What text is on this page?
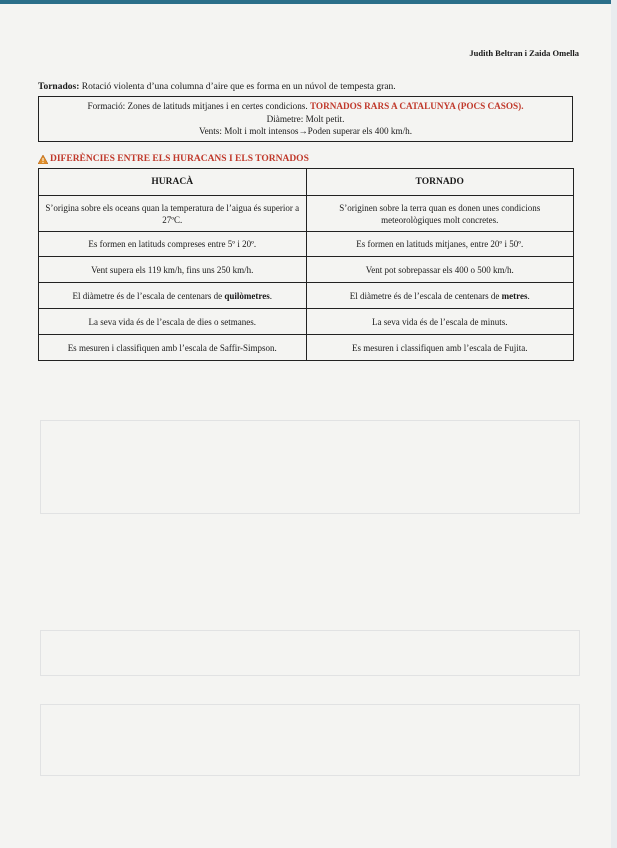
Judith Beltran i Zaida Omella
Tornados: Rotació violenta d’una columna d’aire que es forma en un núvol de tempesta gran.
Formació: Zones de latituds mitjanes i en certes condicions. TORNADOS RARS A CATALUNYA (POCS CASOS).
Diàmetre: Molt petit.
Vents: Molt i molt intensos→Poden superar els 400 km/h.
DIFERÈNCIES ENTRE ELS HURACANS I ELS TORNADOS
HURACÀ	TORNADO
S’origina sobre els oceans quan la temperatura de l’aigua és superior a 27ºC.	S’originen sobre la terra quan es donen unes condicions meteorològiques molt concretes.
Es formen en latituds compreses entre 5º i 20º.	Es formen en latituds mitjanes, entre 20º i 50º.
Vent supera els 119 km/h, fins uns 250 km/h.	Vent pot sobrepassar els 400 o 500 km/h.
El diàmetre és de l’escala de centenars de quilòmetres.	El diàmetre és de l’escala de centenars de metres.
La seva vida és de l’escala de dies o setmanes.	La seva vida és de l’escala de minuts.
Es mesuren i classifiquen amb l’escala de Saffir-Simpson.	Es mesuren i classifiquen amb l’escala de Fujita.
